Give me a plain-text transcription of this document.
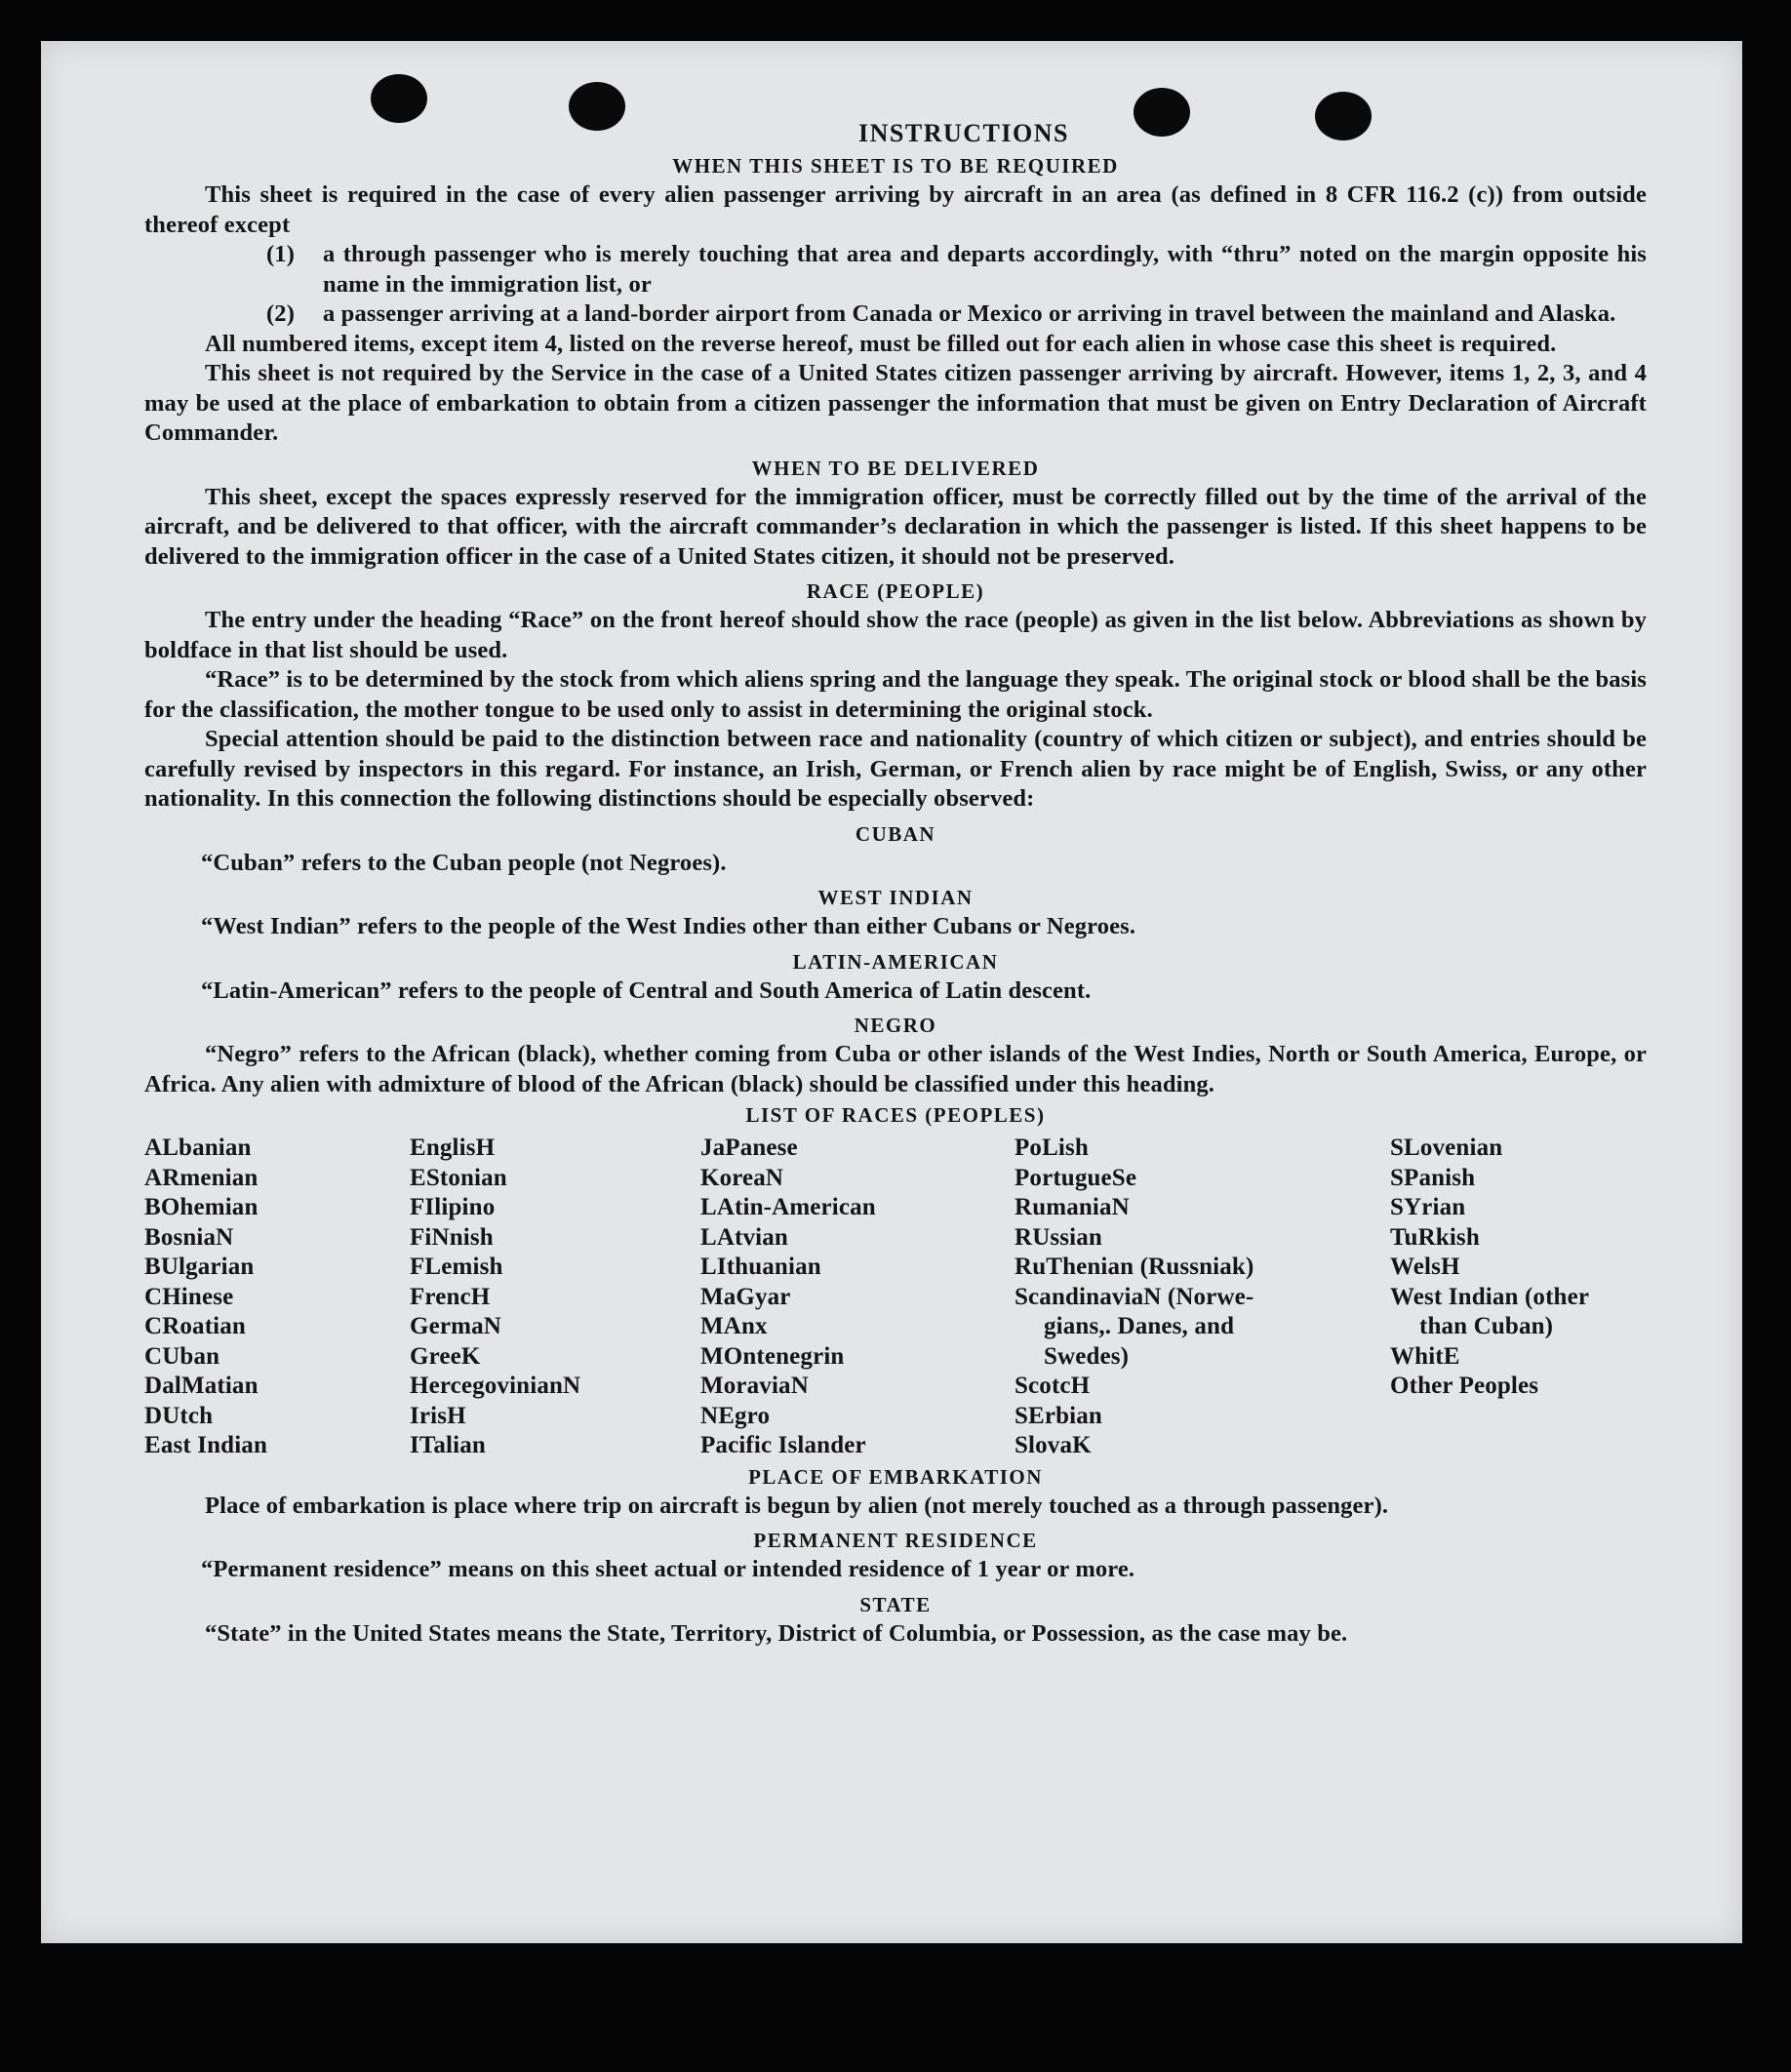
INSTRUCTIONS
WHEN THIS SHEET IS TO BE REQUIRED

This sheet is required in the case of every alien passenger arriving by aircraft in an area (as defined in 8 CFR 116.2 (c)) from outside thereof except

(1)	a through passenger who is merely touching that area and departs accordingly, with “thru” noted on the margin opposite his name in the immigration list, or
(2)	a passenger arriving at a land-border airport from Canada or Mexico or arriving in travel between the mainland and Alaska.

All numbered items, except item 4, listed on the reverse hereof, must be filled out for each alien in whose case this sheet is required.

This sheet is not required by the Service in the case of a United States citizen passenger arriving by aircraft. However, items 1, 2, 3, and 4 may be used at the place of embarkation to obtain from a citizen passenger the information that must be given on Entry Declaration of Aircraft Commander.

WHEN TO BE DELIVERED

This sheet, except the spaces expressly reserved for the immigration officer, must be correctly filled out by the time of the arrival of the aircraft, and be delivered to that officer, with the aircraft commander’s declaration in which the passenger is listed. If this sheet happens to be delivered to the immigration officer in the case of a United States citizen, it should not be preserved.

RACE (PEOPLE)

The entry under the heading “Race” on the front hereof should show the race (people) as given in the list below. Abbreviations as shown by boldface in that list should be used.

“Race” is to be determined by the stock from which aliens spring and the language they speak. The original stock or blood shall be the basis for the classification, the mother tongue to be used only to assist in determining the original stock.

Special attention should be paid to the distinction between race and nationality (country of which citizen or subject), and entries should be carefully revised by inspectors in this regard. For instance, an Irish, German, or French alien by race might be of English, Swiss, or any other nationality. In this connection the following distinctions should be especially observed:

CUBAN
“Cuban” refers to the Cuban people (not Negroes).
WEST INDIAN
“West Indian” refers to the people of the West Indies other than either Cubans or Negroes.
LATIN-AMERICAN
“Latin-American” refers to the people of Central and South America of Latin descent.
NEGRO

“Negro” refers to the African (black), whether coming from Cuba or other islands of the West Indies, North or South America, Europe, or Africa. Any alien with admixture of blood of the African (black) should be classified under this heading.

LIST OF RACES (PEOPLES)
ALbanian
ARmenian
BOhemian
BosniaN
BUlgarian
CHinese
CRoatian
CUban
DalMatian
DUtch
East Indian
EnglisH
EStonian
FIlipino
FiNnish
FLemish
FrencH
GermaN
GreeK
HercegovinianN
IrisH
ITalian
JaPanese
KoreaN
LAtin-American
LAtvian
LIthuanian
MaGyar
MAnx
MOntenegrin
MoraviaN
NEgro
Pacific Islander
PoLish
PortugueSe
RumaniaN
RUssian
RuThenian (Russniak)
ScandinaviaN (Norwe-
gians,. Danes, and
Swedes)
ScotcH
SErbian
SlovaK
SLovenian
SPanish
SYrian
TuRkish
WelsH
West Indian (other
than Cuban)
WhitE
Other Peoples
PLACE OF EMBARKATION

Place of embarkation is place where trip on aircraft is begun by alien (not merely touched as a through passenger).

PERMANENT RESIDENCE
“Permanent residence” means on this sheet actual or intended residence of 1 year or more.
STATE

“State” in the United States means the State, Territory, District of Columbia, or Possession, as the case may be.
